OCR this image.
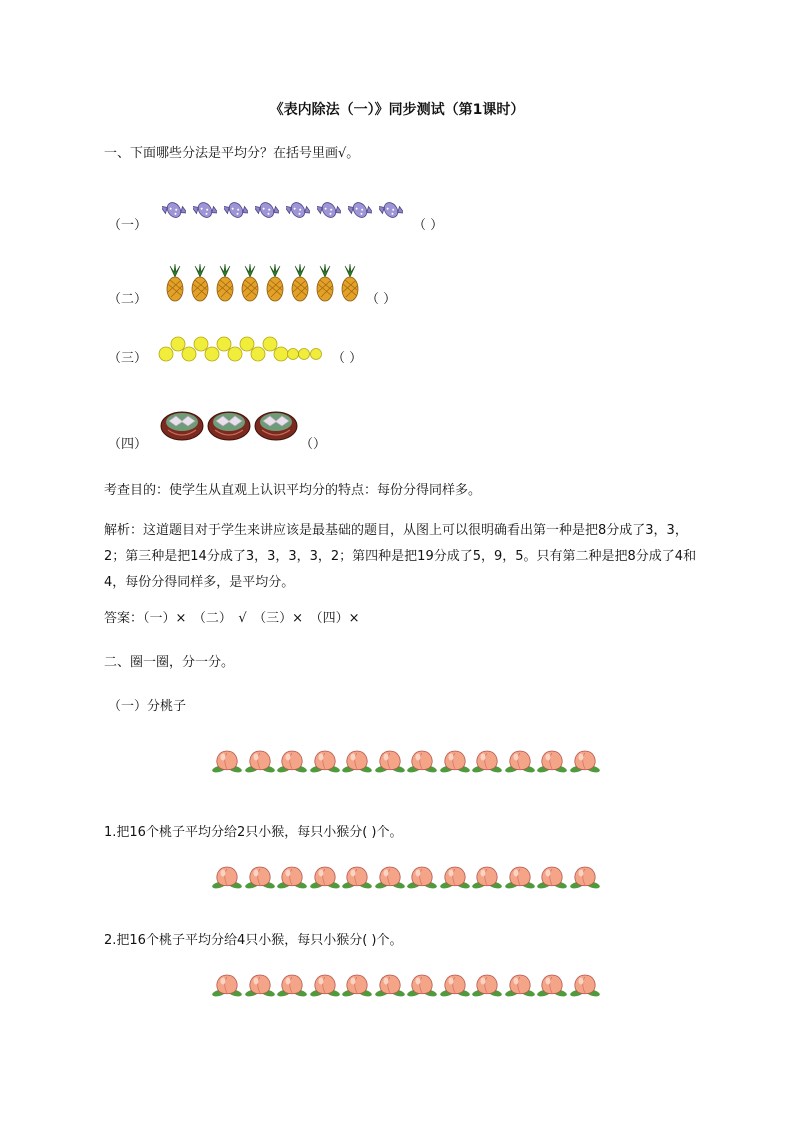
《表内除法（一）》同步测试（第1课时）
一、下面哪些分法是平均分？在括号里画√。
（一）	（ ）
（二）	（ ）
（三）	（ ）
（四）	（）
考查目的：使学生从直观上认识平均分的特点：每份分得同样多。
解析：这道题目对于学生来讲应该是最基础的题目，从图上可以很明确看出第一种是把8分成了3，3，2；第三种是把14分成了3，3，3，3，2；第四种是把19分成了5，9，5。只有第二种是把8分成了4和4，每份分得同样多，是平均分。
答案：（一）×　（二）　√　（三）×　（四）×
二、圈一圈，分一分。
（一）分桃子
1.把16个桃子平均分给2只小猴，每只小猴分( )个。
2.把16个桃子平均分给4只小猴，每只小猴分( )个。
